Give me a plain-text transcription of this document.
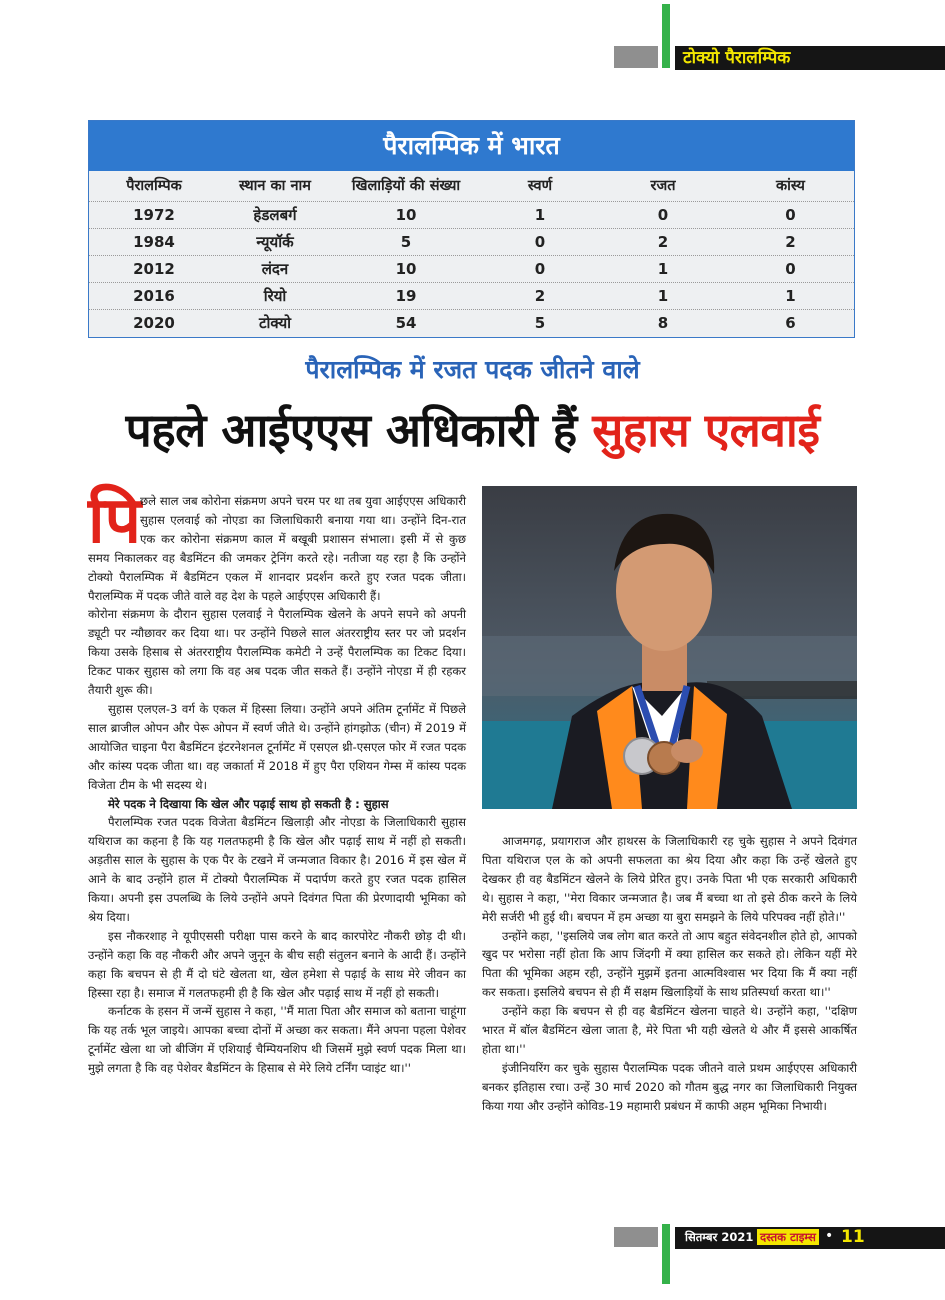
टोक्यो पैरालम्पिक
पैरालम्पिक में भारत
पैरालम्पिक	स्थान का नाम	खिलाड़ियों की संख्या	स्वर्ण	रजत	कांस्य
1972	हेडलबर्ग	10	1	0	0
1984	न्यूयॉर्क	5	0	2	2
2012	लंदन	10	0	1	0
2016	रियो	19	2	1	1
2020	टोक्यो	54	5	8	6
पैरालम्पिक में रजत पदक जीतने वाले
पहले आईएएस अधिकारी हैं सुहास एलवाई
पि छले साल जब कोरोना संक्रमण अपने चरम पर था तब युवा आईएएस अधिकारी सुहास एलवाई को नोएडा का जिलाधिकारी बनाया गया था। उन्होंने दिन-रात एक कर कोरोना संक्रमण काल में बखूबी प्रशासन संभाला। इसी में से कुछ समय निकालकर वह बैडमिंटन की जमकर ट्रेनिंग करते रहे। नतीजा यह रहा है कि उन्होंने टोक्यो पैरालम्पिक में बैडमिंटन एकल में शानदार प्रदर्शन करते हुए रजत पदक जीता। पैरालम्पिक में पदक जीते वाले वह देश के पहले आईएएस अधिकारी हैं।

कोरोना संक्रमण के दौरान सुहास एलवाई ने पैरालम्पिक खेलने के अपने सपने को अपनी ड्यूटी पर न्यौछावर कर दिया था। पर उन्होंने पिछले साल अंतरराष्ट्रीय स्तर पर जो प्रदर्शन किया उसके हिसाब से अंतरराष्ट्रीय पैरालम्पिक कमेटी ने उन्हें पैरालम्पिक का टिकट दिया। टिकट पाकर सुहास को लगा कि वह अब पदक जीत सकते हैं। उन्होंने नोएडा में ही रहकर तैयारी शुरू की।

सुहास एलएल-3 वर्ग के एकल में हिस्सा लिया। उन्होंने अपने अंतिम टूर्नामेंट में पिछले साल ब्राजील ओपन और पेरू ओपन में स्वर्ण जीते थे। उन्होंने हांगझोऊ (चीन) में 2019 में आयोजित चाइना पैरा बैडमिंटन इंटरनेशनल टूर्नामेंट में एसएल थ्री-एसएल फोर में रजत पदक और कांस्य पदक जीता था। वह जकार्ता में 2018 में हुए पैरा एशियन गेम्स में कांस्य पदक विजेता टीम के भी सदस्य थे।

मेरे पदक ने दिखाया कि खेल और पढ़ाई साथ हो सकती है : सुहास

पैरालम्पिक रजत पदक विजेता बैडमिंटन खिलाड़ी और नोएडा के जिलाधिकारी सुहास यथिराज का कहना है कि यह गलतफहमी है कि खेल और पढ़ाई साथ में नहीं हो सकती। अड़तीस साल के सुहास के एक पैर के टखने में जन्मजात विकार है। 2016 में इस खेल में आने के बाद उन्होंने हाल में टोक्यो पैरालम्पिक में पदार्पण करते हुए रजत पदक हासिल किया। अपनी इस उपलब्धि के लिये उन्होंने अपने दिवंगत पिता की प्रेरणादायी भूमिका को श्रेय दिया।

इस नौकरशाह ने यूपीएससी परीक्षा पास करने के बाद कारपोरेट नौकरी छोड़ दी थी। उन्होंने कहा कि वह नौकरी और अपने जुनून के बीच सही संतुलन बनाने के आदी हैं। उन्होंने कहा कि बचपन से ही मैं दो घंटे खेलता था, खेल हमेशा से पढ़ाई के साथ मेरे जीवन का हिस्सा रहा है। समाज में गलतफहमी ही है कि खेल और पढ़ाई साथ में नहीं हो सकती।

कर्नाटक के हसन में जन्में सुहास ने कहा, ''मैं माता पिता और समाज को बताना चाहूंगा कि यह तर्क भूल जाइये। आपका बच्चा दोनों में अच्छा कर सकता। मैंने अपना पहला पेशेवर टूर्नामेंट खेला था जो बीजिंग में एशियाई चैम्पियनशिप थी जिसमें मुझे स्वर्ण पदक मिला था। मुझे लगता है कि वह पेशेवर बैडमिंटन के हिसाब से मेरे लिये टर्निंग प्वाइंट था।''

आजमगढ़, प्रयागराज और हाथरस के जिलाधिकारी रह चुके सुहास ने अपने दिवंगत पिता यथिराज एल के को अपनी सफलता का श्रेय दिया और कहा कि उन्हें खेलते हुए देखकर ही वह बैडमिंटन खेलने के लिये प्रेरित हुए। उनके पिता भी एक सरकारी अधिकारी थे। सुहास ने कहा, ''मेरा विकार जन्मजात है। जब मैं बच्चा था तो इसे ठीक करने के लिये मेरी सर्जरी भी हुई थी। बचपन में हम अच्छा या बुरा समझने के लिये परिपक्व नहीं होते।''

उन्होंने कहा, ''इसलिये जब लोग बात करते तो आप बहुत संवेदनशील होते हो, आपको खुद पर भरोसा नहीं होता कि आप जिंदगी में क्या हासिल कर सकते हो। लेकिन यहीं मेरे पिता की भूमिका अहम रही, उन्होंने मुझमें इतना आत्मविश्वास भर दिया कि मैं क्या नहीं कर सकता। इसलिये बचपन से ही मैं सक्षम खिलाड़ियों के साथ प्रतिस्पर्धा करता था।''

उन्होंने कहा कि बचपन से ही वह बैडमिंटन खेलना चाहते थे। उन्होंने कहा, ''दक्षिण भारत में बॉल बैडमिंटन खेला जाता है, मेरे पिता भी यही खेलते थे और मैं इससे आकर्षित होता था।''

इंजीनियरिंग कर चुके सुहास पैरालम्पिक पदक जीतने वाले प्रथम आईएएस अधिकारी बनकर इतिहास रचा। उन्हें 30 मार्च 2020 को गौतम बुद्ध नगर का जिलाधिकारी नियुक्त किया गया और उन्होंने कोविड-19 महामारी प्रबंधन में काफी अहम भूमिका निभायी।

सितम्बर 2021 दस्तक टाइम्स • 11
